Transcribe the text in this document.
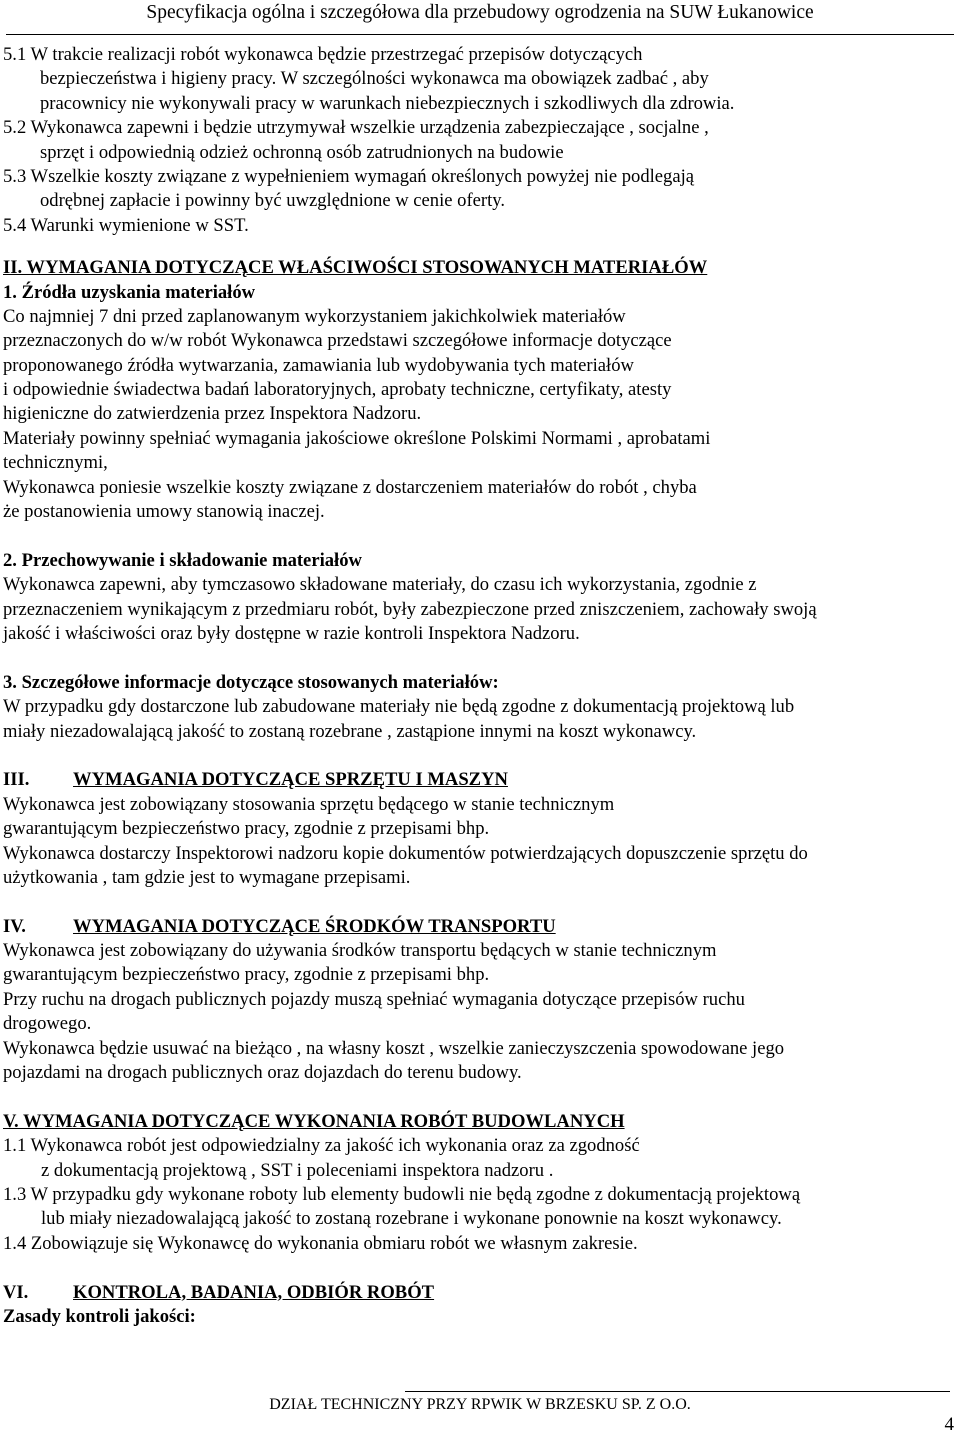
Specyfikacja ogólna i szczegółowa dla przebudowy ogrodzenia na SUW Łukanowice
5.1 W trakcie realizacji robót wykonawca będzie przestrzegać przepisów dotyczących
bezpieczeństwa i higieny pracy. W szczególności wykonawca ma obowiązek zadbać , aby
pracownicy nie wykonywali pracy w warunkach niebezpiecznych i szkodliwych dla zdrowia.
5.2 Wykonawca zapewni i będzie utrzymywał wszelkie urządzenia zabezpieczające , socjalne ,
sprzęt i odpowiednią odzież ochronną osób zatrudnionych na budowie
5.3 Wszelkie koszty związane z wypełnieniem wymagań określonych powyżej nie podlegają
odrębnej zapłacie i powinny być uwzględnione w cenie oferty.
5.4 Warunki wymienione w SST.
II. WYMAGANIA DOTYCZĄCE WŁAŚCIWOŚCI STOSOWANYCH MATERIAŁÓW
1. Źródła uzyskania materiałów
Co najmniej 7 dni przed zaplanowanym wykorzystaniem jakichkolwiek materiałów
przeznaczonych do w/w robót Wykonawca przedstawi szczegółowe informacje dotyczące
proponowanego źródła wytwarzania, zamawiania lub wydobywania tych materiałów
i odpowiednie świadectwa badań laboratoryjnych, aprobaty techniczne, certyfikaty, atesty
higieniczne do zatwierdzenia przez Inspektora Nadzoru.
Materiały powinny spełniać wymagania jakościowe określone Polskimi Normami , aprobatami
technicznymi,
Wykonawca poniesie wszelkie koszty związane z dostarczeniem materiałów do robót , chyba
że postanowienia umowy stanowią inaczej.
2. Przechowywanie i składowanie materiałów
Wykonawca zapewni, aby tymczasowo składowane materiały, do czasu ich wykorzystania, zgodnie z
przeznaczeniem wynikającym z przedmiaru robót, były zabezpieczone przed zniszczeniem, zachowały swoją
jakość i właściwości oraz były dostępne w razie kontroli Inspektora Nadzoru.
3. Szczegółowe informacje dotyczące stosowanych materiałów:
W przypadku gdy dostarczone lub zabudowane materiały nie będą zgodne z dokumentacją projektową lub
miały niezadowalającą jakość to zostaną rozebrane , zastąpione innymi na koszt wykonawcy.
III. WYMAGANIA DOTYCZĄCE SPRZĘTU I MASZYN
Wykonawca jest zobowiązany stosowania sprzętu będącego w stanie technicznym
gwarantującym bezpieczeństwo pracy, zgodnie z przepisami bhp.
Wykonawca dostarczy Inspektorowi nadzoru kopie dokumentów potwierdzających dopuszczenie sprzętu do
użytkowania , tam gdzie jest to wymagane przepisami.
IV.	WYMAGANIA DOTYCZĄCE ŚRODKÓW TRANSPORTU
Wykonawca jest zobowiązany do używania środków transportu będących w stanie technicznym
gwarantującym bezpieczeństwo pracy, zgodnie z przepisami bhp.
Przy ruchu na drogach publicznych pojazdy muszą spełniać wymagania dotyczące przepisów ruchu
drogowego.
Wykonawca będzie usuwać na bieżąco , na własny koszt , wszelkie zanieczyszczenia spowodowane jego
pojazdami na drogach publicznych oraz dojazdach do terenu budowy.
V. WYMAGANIA DOTYCZĄCE WYKONANIA ROBÓT BUDOWLANYCH
1.1 Wykonawca robót jest odpowiedzialny za jakość ich wykonania oraz za zgodność
z dokumentacją projektową , SST i poleceniami inspektora nadzoru .
1.3 W przypadku gdy wykonane roboty lub elementy budowli nie będą zgodne z dokumentacją projektową
lub miały niezadowalającą jakość to zostaną rozebrane i wykonane ponownie na koszt wykonawcy.
1.4 Zobowiązuje się Wykonawcę do wykonania obmiaru robót we własnym zakresie.
VI. KONTROLA, BADANIA, ODBIÓR ROBÓT
Zasady kontroli jakości:
DZIAŁ TECHNICZNY PRZY RPWIK W BRZESKU SP. Z O.O.
4
